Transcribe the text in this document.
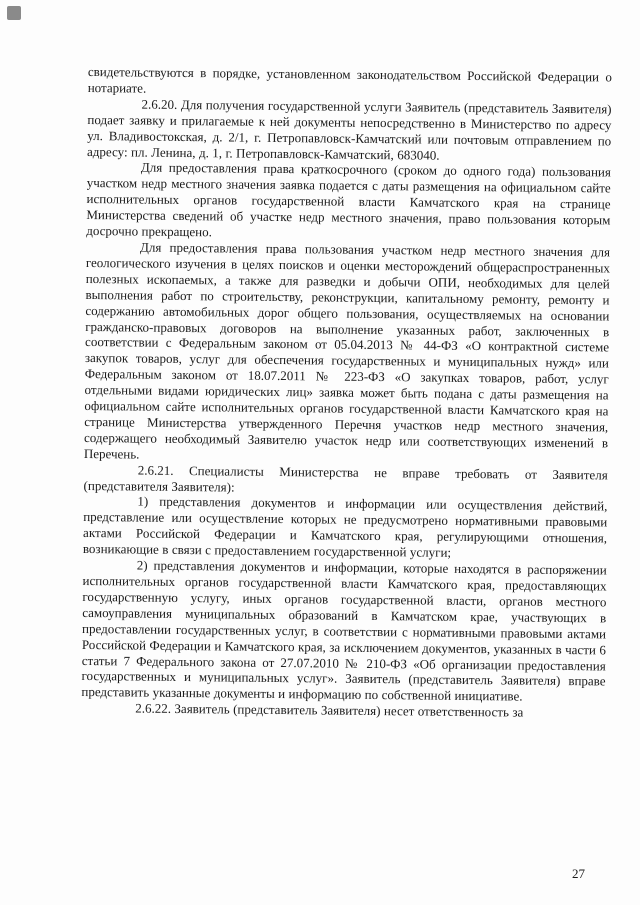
свидетельствуются в порядке, установленном законодательством Российской Федерации о нотариате.

2.6.20. Для получения государственной услуги Заявитель (представитель Заявителя) подает заявку и прилагаемые к ней документы непосредственно в Министерство по адресу ул. Владивостокская, д. 2/1, г. Петропавловск-Камчатский или почтовым отправлением по адресу: пл. Ленина, д. 1, г. Петропавловск-Камчатский, 683040.

Для предоставления права краткосрочного (сроком до одного года) пользования участком недр местного значения заявка подается с даты размещения на официальном сайте исполнительных органов государственной власти Камчатского края на странице Министерства сведений об участке недр местного значения, право пользования которым досрочно прекращено.

Для предоставления права пользования участком недр местного значения для геологического изучения в целях поисков и оценки месторождений общераспространенных полезных ископаемых, а также для разведки и добычи ОПИ, необходимых для целей выполнения работ по строительству, реконструкции, капитальному ремонту, ремонту и содержанию автомобильных дорог общего пользования, осуществляемых на основании гражданско-правовых договоров на выполнение указанных работ, заключенных в соответствии с Федеральным законом от 05.04.2013 № 44-ФЗ «О контрактной системе закупок товаров, услуг для обеспечения государственных и муниципальных нужд» или Федеральным законом от 18.07.2011 № 223-ФЗ «О закупках товаров, работ, услуг отдельными видами юридических лиц» заявка может быть подана с даты размещения на официальном сайте исполнительных органов государственной власти Камчатского края на странице Министерства утвержденного Перечня участков недр местного значения, содержащего необходимый Заявителю участок недр или соответствующих изменений в Перечень.

2.6.21. Специалисты Министерства не вправе требовать от Заявителя (представителя Заявителя):

1) представления документов и информации или осуществления действий, представление или осуществление которых не предусмотрено нормативными правовыми актами Российской Федерации и Камчатского края, регулирующими отношения, возникающие в связи с предоставлением государственной услуги;

2) представления документов и информации, которые находятся в распоряжении исполнительных органов государственной власти Камчатского края, предоставляющих государственную услугу, иных органов государственной власти, органов местного самоуправления муниципальных образований в Камчатском крае, участвующих в предоставлении государственных услуг, в соответствии с нормативными правовыми актами Российской Федерации и Камчатского края, за исключением документов, указанных в части 6 статьи 7 Федерального закона от 27.07.2010 № 210-ФЗ «Об организации предоставления государственных и муниципальных услуг». Заявитель (представитель Заявителя) вправе представить указанные документы и информацию по собственной инициативе.

2.6.22. Заявитель (представитель Заявителя) несет ответственность за

27
